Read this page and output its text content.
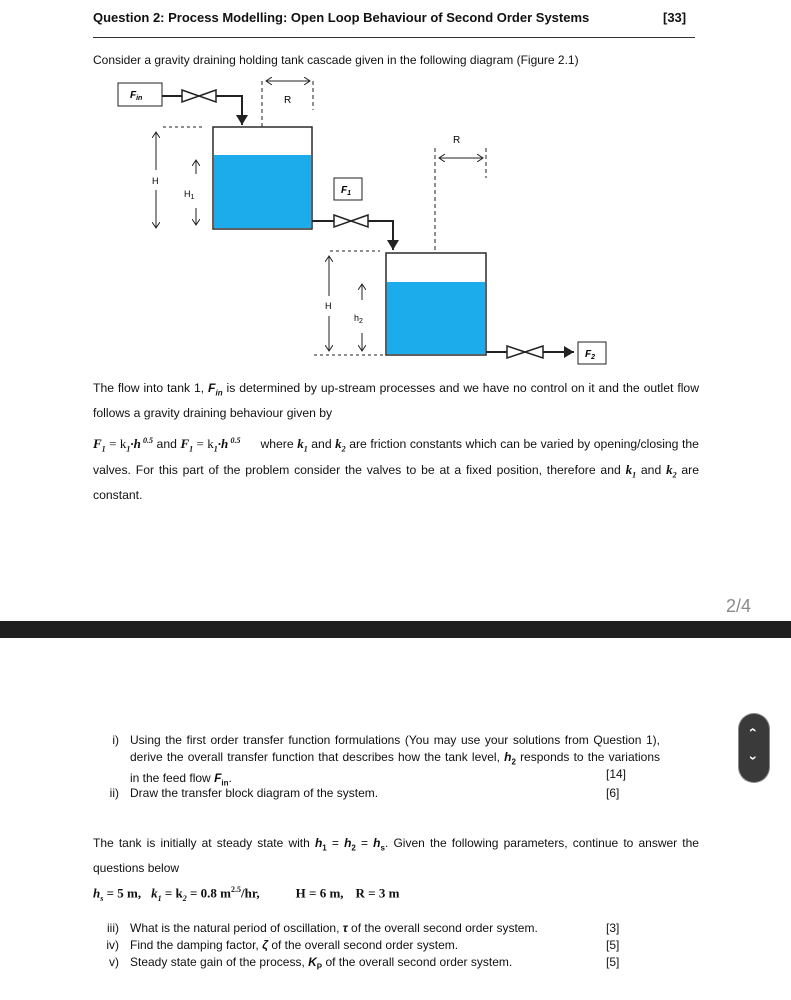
Question 2: Process Modelling: Open Loop Behaviour of Second Order Systems	[33]
Consider a gravity draining holding tank cascade given in the following diagram (Figure 2.1)
$F_{in}$	R
H
$H_1$
$F_1$
R
H
$h_2$
$F_2$
The flow into tank 1, $F_{in}$ is determined by up-stream processes and we have no control on it and the outlet flow follows a gravity draining behaviour given by
$F_1 = k_1\cdot h$ $^{0.5}$ and $F_1 = k_1\cdot h$ $^{0.5}$ where $k_1$ and $k_2$ are friction constants which can be varied by opening/closing the valves. For this part of the problem consider the valves to be at a fixed position, therefore and $k_1$ and $k_2$ are constant.
2/4
‹
›
i) Using the first order transfer function formulations (You may use your solutions from Question 1), derive the overall transfer function that describes how the tank level, $h_2$ responds to the variations in the feed flow $F_{in}$.	[14]
ii) Draw the transfer block diagram of the system.	[6]
The tank is initially at steady state with $h_1 = h_2 = h_s$. Given the following parameters, continue to answer the questions below
$h_s = 5$ m, $k_1 = k_2 = 0.8$ $m^{2.5}/hr$,	H = 6 m, R = 3 m
iii) What is the natural period of oscillation, τ of the overall second order system.	[3]
iv) Find the damping factor, ζ of the overall second order system.	[5]
v) Steady state gain of the process, $K_P$ of the overall second order system.	[5]
